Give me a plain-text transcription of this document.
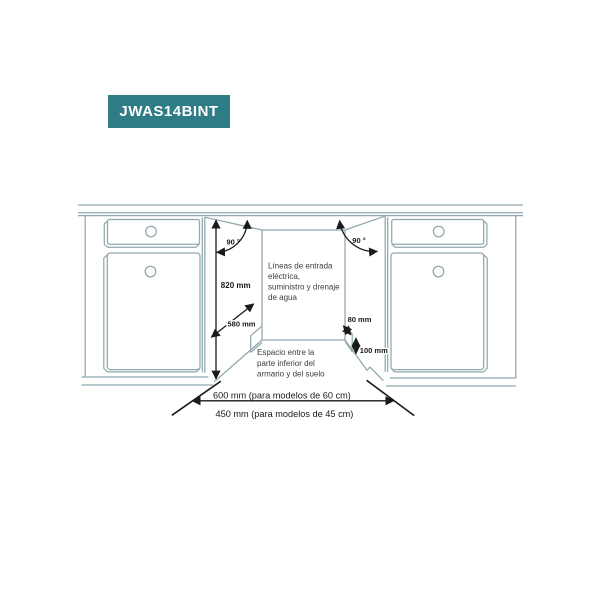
JWAS14BINT
820 mm
90 °	90 °
580 mm	80 mm
100 mm
600 mm (para modelos de 60 cm)
450 mm (para modelos de 45 cm)
Líneas de entrada
eléctrica,
suministro y drenaje
de agua
Espacio entre la
parte inferior del
armario y del suelo
